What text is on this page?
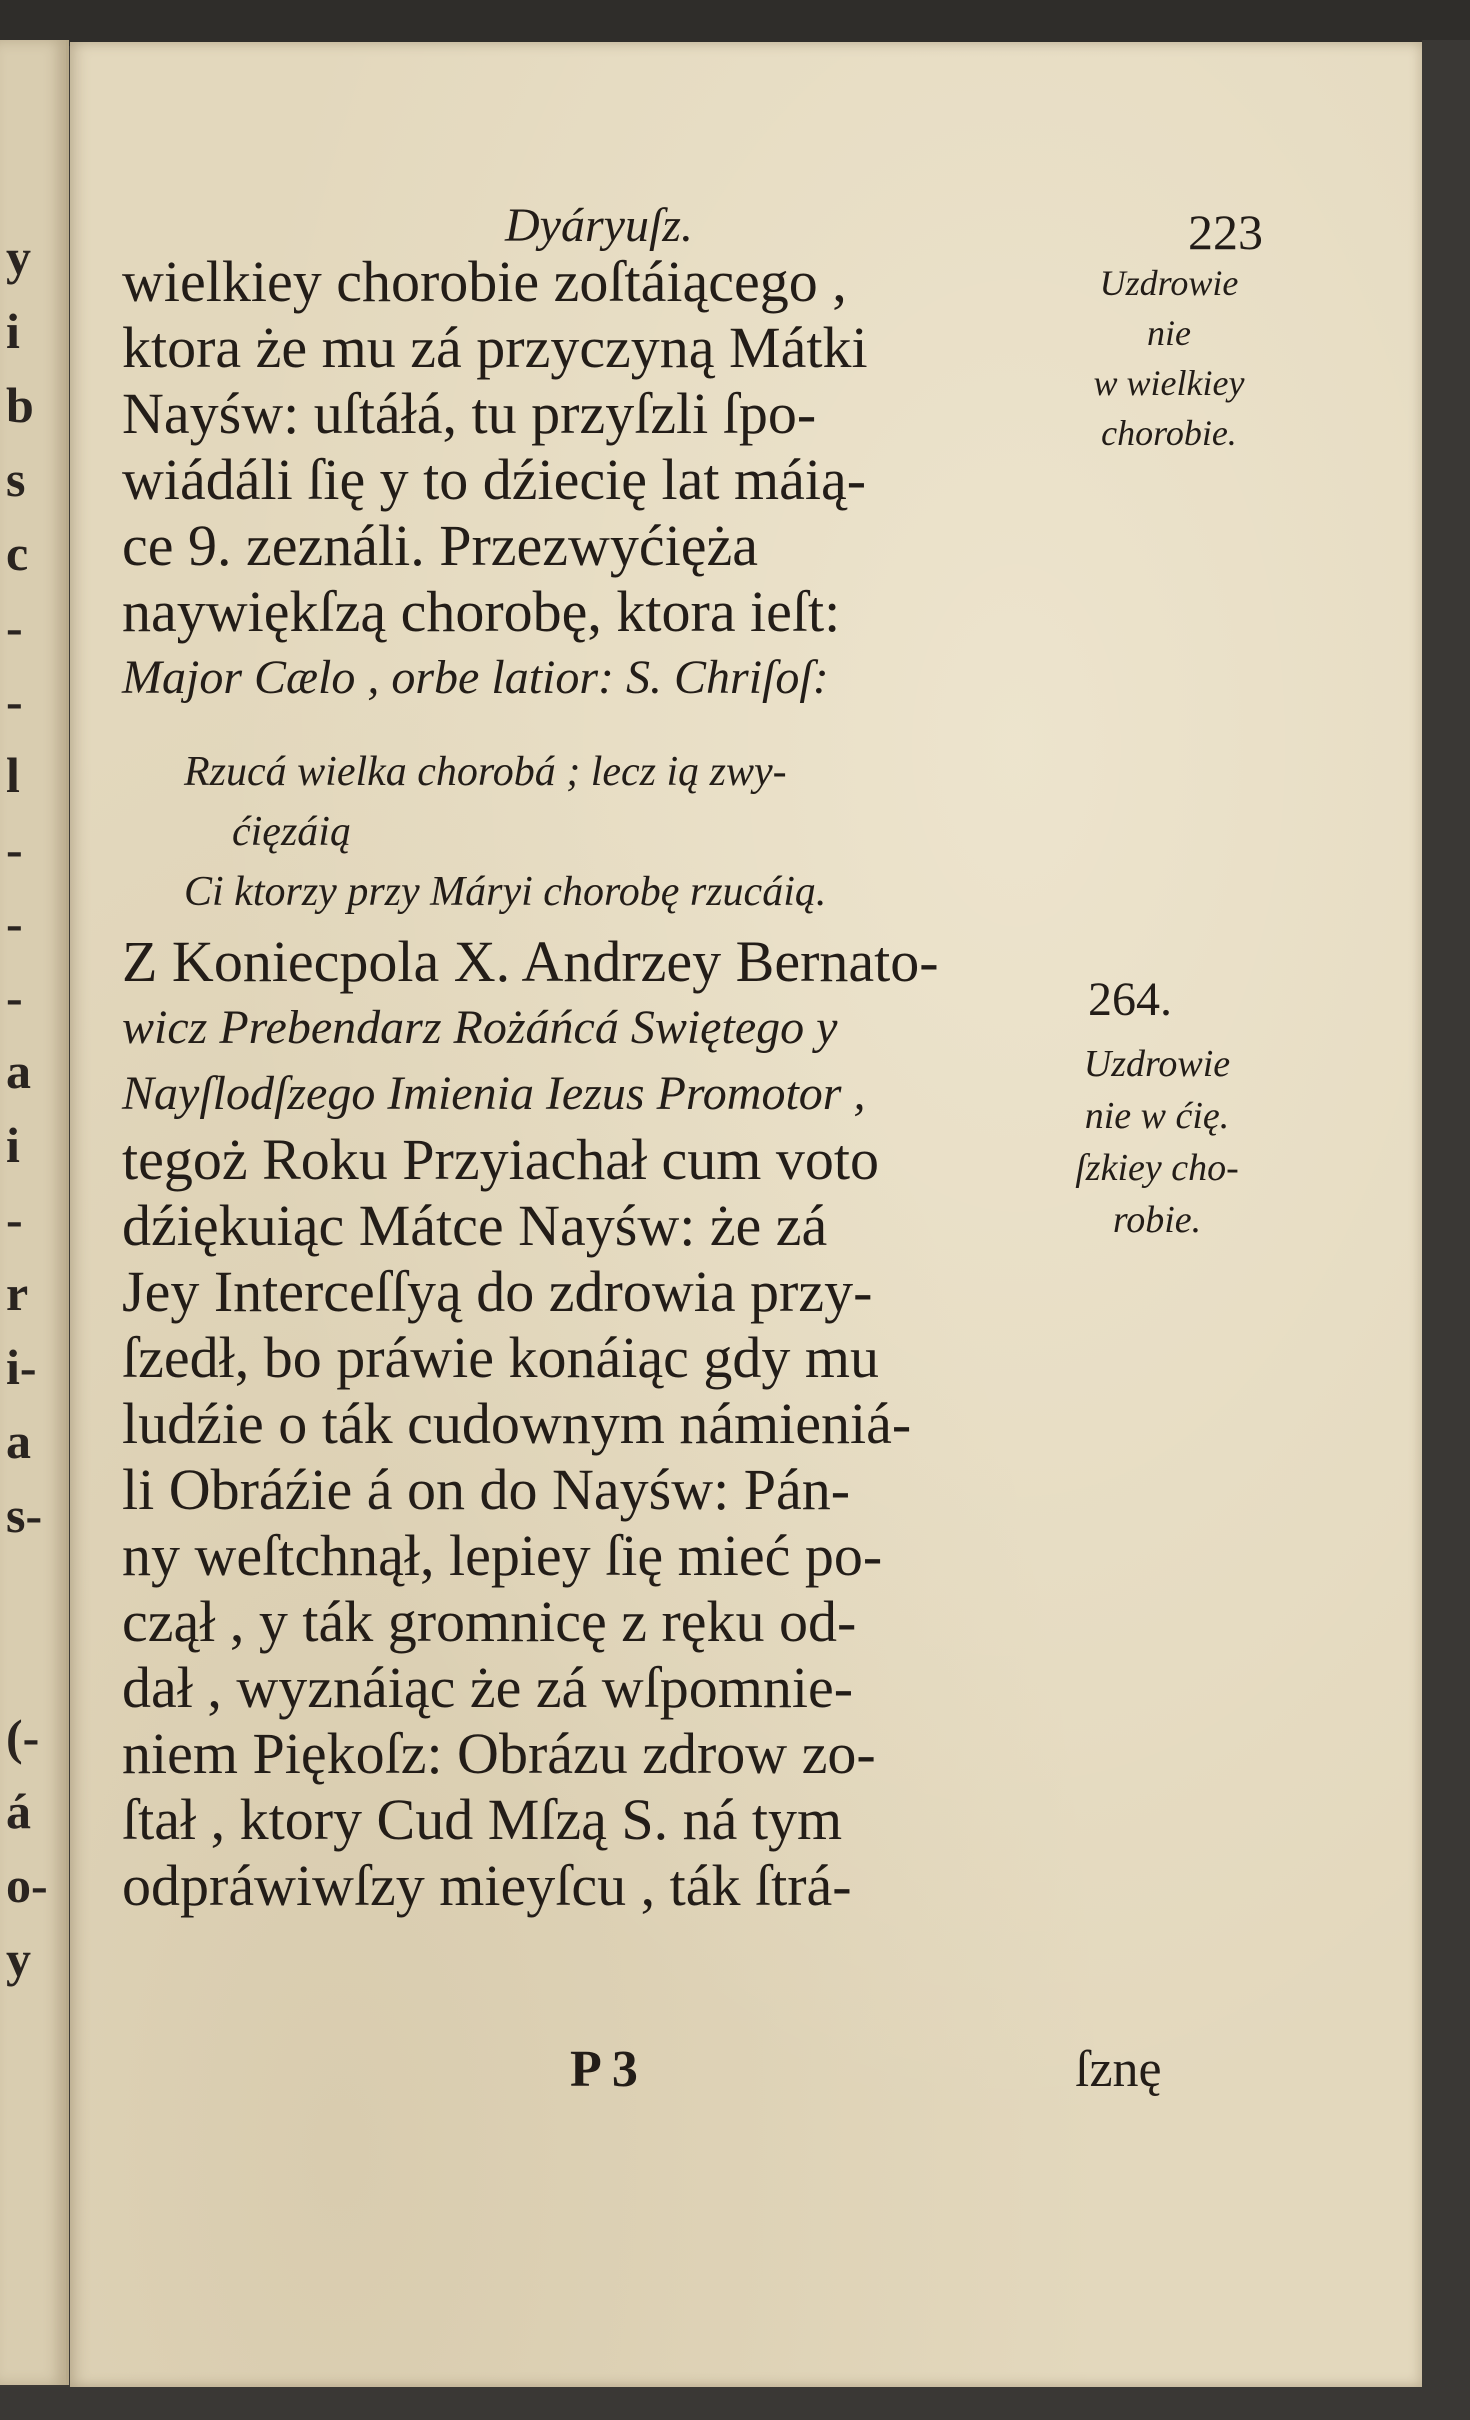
y
i
b
s
c
-
-
l
-
-
-
a
i
-
r
i-
a
s-
(-
á
o-
y
Dyáryuſz.	223
wielkiey chorobie zoſtáiącego ,
ktora że mu zá przyczyną Mátki
Nayśw: uſtáłá, tu przyſzli ſpo-
wiádáli ſię y to dźiecię lat máią-
ce 9. zeználi. Przezwyćięża
naywiękſzą chorobę, ktora ieſt:
Major Cælo , orbe latior: S. Chriſoſ:
Rzucá wielka chorobá ; lecz ią zwy-
ćięzáią
Ci ktorzy przy Máryi chorobę rzucáią.
Z Koniecpola X. Andrzey Bernato-
wicz Prebendarz Rożáńcá Swiętego y
Nayſlodſzego Imienia Iezus Promotor ,
tegoż Roku Przyiachał cum voto
dźiękuiąc Mátce Nayśw: że zá
Jey Interceſſyą do zdrowia przy-
ſzedł, bo práwie konáiąc gdy mu
ludźie o ták cudownym námieniá-
li Obráźie á on do Nayśw: Pán-
ny weſtchnął, lepiey ſię mieć po-
czął , y ták gromnicę z ręku od-
dał , wyznáiąc że zá wſpomnie-
niem Piękoſz: Obrázu zdrow zo-
ſtał , ktory Cud Mſzą S. ná tym
odpráwiwſzy mieyſcu , ták ſtrá-
Uzdrowie
nie
w wielkiey
chorobie.
264.
Uzdrowie
nie w ćię.
ſzkiey cho-
robie.
P 3	ſznę
